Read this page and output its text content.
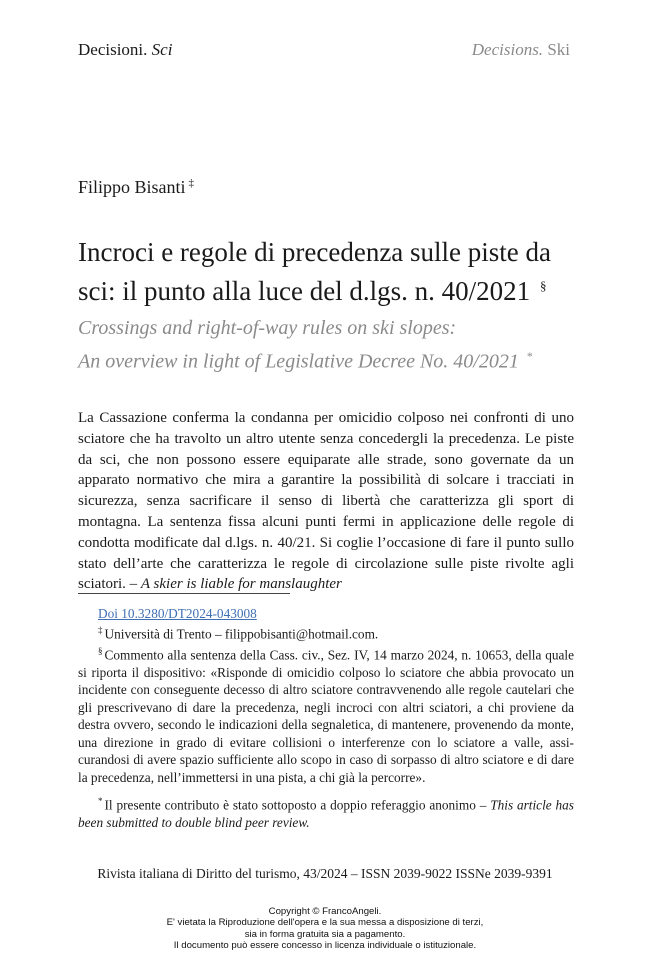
Decisioni. Sci	Decisions. Ski
Filippo Bisanti ‡
Incroci e regole di precedenza sulle piste da
sci: il punto alla luce del d.lgs. n. 40/2021 §
Crossings and right-of-way rules on ski slopes:
An overview in light of Legislative Decree No. 40/2021 *
La Cassazione conferma la condanna per omicidio colposo nei confronti di uno sciatore che ha travolto un altro utente senza concedergli la precedenza. Le piste da sci, che non possono essere equiparate alle strade, sono governate da un apparato normativo che mira a garantire la possibilità di solcare i tracciati in sicurezza, senza sacrificare il senso di libertà che caratterizza gli sport di montagna. La sentenza fissa alcuni punti fermi in applicazione delle regole di condotta modificate dal d.lgs. n. 40/21. Si coglie l’occasione di fare il punto sullo stato dell’arte che caratterizza le regole di circolazione sulle piste rivolte agli sciatori. – A skier is liable for manslaughter

Doi 10.3280/DT2024-043008

‡ Università di Trento – filippobisanti@hotmail.com.

§ Commento alla sentenza della Cass. civ., Sez. IV, 14 marzo 2024, n. 10653, della quale si riporta il dispositivo: «Risponde di omicidio colposo lo sciatore che abbia provocato un incidente con conseguente decesso di altro sciatore contravvenendo alle regole cautelari che gli prescrivevano di dare la precedenza, negli incroci con altri sciatori, a chi proviene da destra ovvero, secondo le indicazioni della segnaletica, di mantenere, provenendo da monte, una direzione in grado di evitare collisioni o interferenze con lo sciatore a valle, assi-curandosi di avere spazio sufficiente allo scopo in caso di sorpasso di altro sciatore e di dare la precedenza, nell’immettersi in una pista, a chi già la percorre».

* Il presente contributo è stato sottoposto a doppio referaggio anonimo – This article has been submitted to double blind peer review.

Rivista italiana di Diritto del turismo, 43/2024 – ISSN 2039-9022 ISSNe 2039-9391
Copyright © FrancoAngeli.
E' vietata la Riproduzione dell'opera e la sua messa a disposizione di terzi,
sia in forma gratuita sia a pagamento.
Il documento può essere concesso in licenza individuale o istituzionale.
